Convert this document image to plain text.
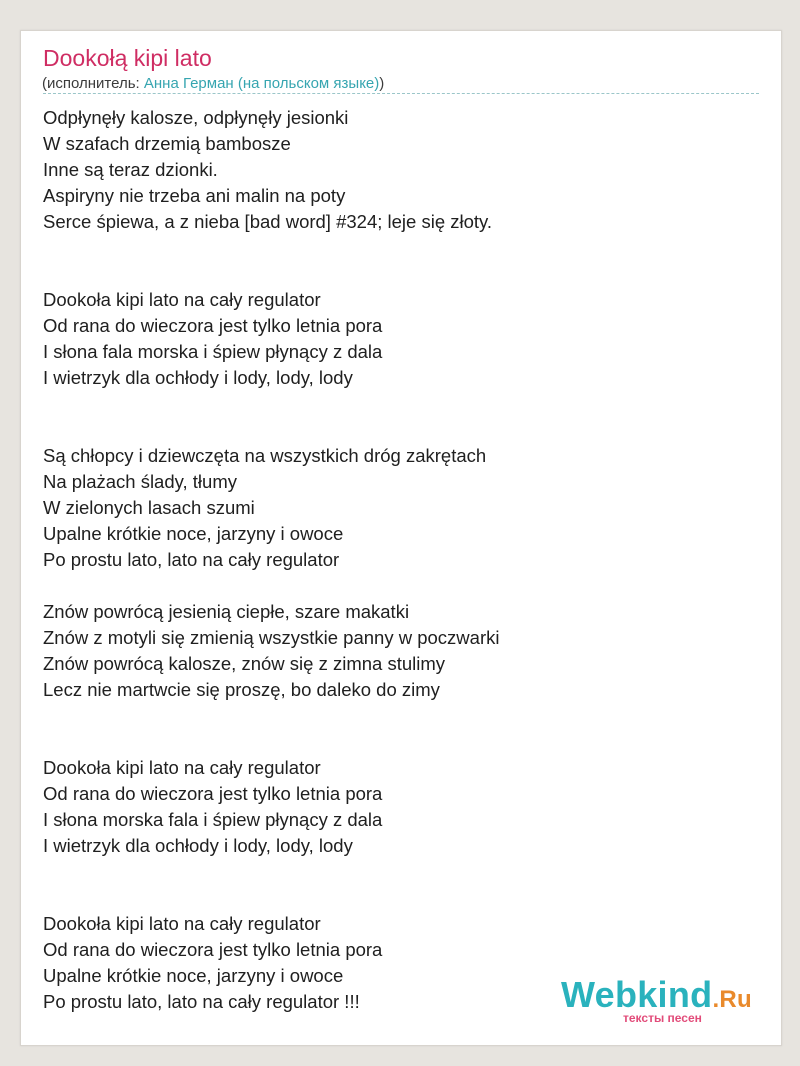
Dookołą kipi lato
(исполнитель: Анна Герман (на польском языке))
Odpłynęły kalosze, odpłynęły jesionki
W szafach drzemią bambosze
Inne są teraz dzionki.
Aspiryny nie trzeba ani malin na poty
Serce śpiewa, a z nieba [bad word] #324; leje się złoty.
Dookoła kipi lato na cały regulator
Od rana do wieczora jest tylko letnia pora
I słona fala morska i śpiew płynący z dala
I wietrzyk dla ochłody i lody, lody, lody
Są chłopcy i dziewczęta na wszystkich dróg zakrętach
Na plażach ślady, tłumy
W zielonych lasach szumi
Upalne krótkie noce, jarzyny i owoce
Po prostu lato, lato na cały regulator
Znów powrócą jesienią ciepłe, szare makatki
Znów z motyli się zmienią wszystkie panny w poczwarki
Znów powrócą kalosze, znów się z zimna stulimy
Lecz nie martwcie się proszę, bo daleko do zimy
Dookoła kipi lato na cały regulator
Od rana do wieczora jest tylko letnia pora
I słona morska fala i śpiew płynący z dala
I wietrzyk dla ochłody i lody, lody, lody
Dookoła kipi lato na cały regulator
Od rana do wieczora jest tylko letnia pora
Upalne krótkie noce, jarzyny i owoce
Po prostu lato, lato na cały regulator !!!	Webkind.Ru
тексты песен
